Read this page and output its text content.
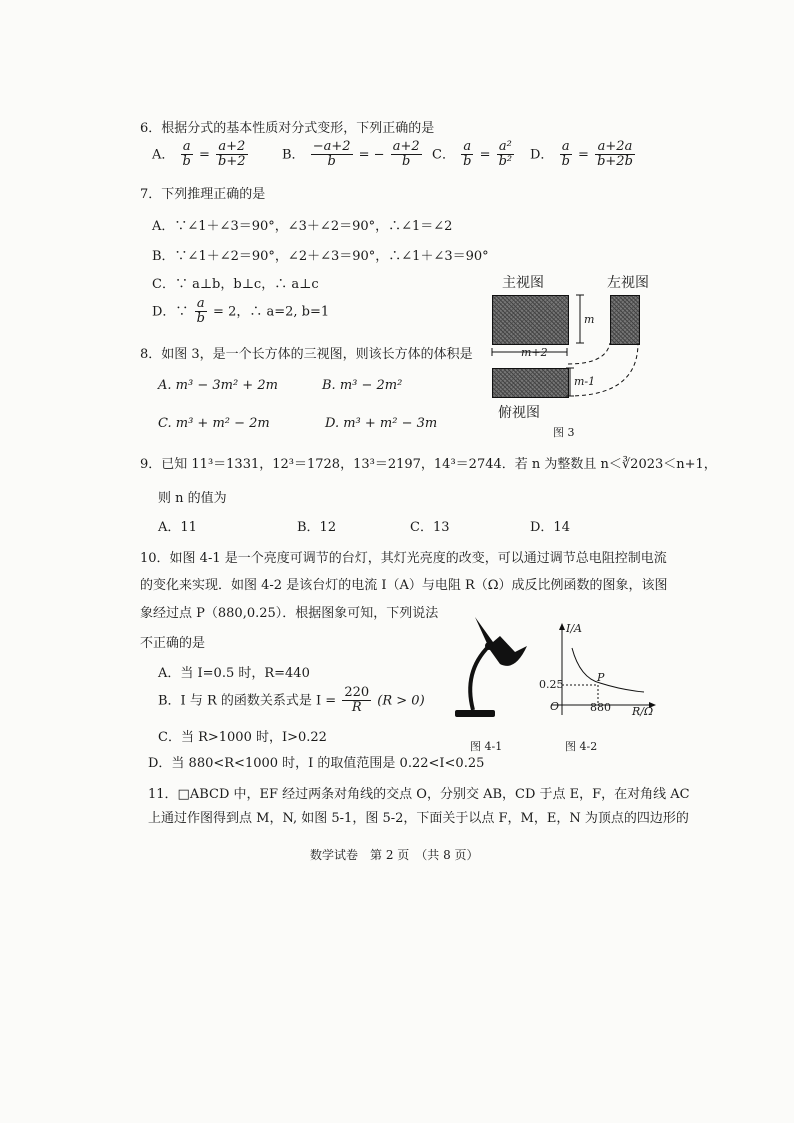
6．根据分式的基本性质对分式变形，下列正确的是
A． $\frac{a}{b} = \frac{a+2}{b+2}$	B． $\frac{-a+2}{b}$ = − $\frac{a+2}{b}$ C． $\frac{a}{b} = \frac{\text{a²}}{\text{b²}}$ D． $\frac{a}{b} = \frac{a+2a}{b+2b}$
7．下列推理正确的是
A．∵∠1＋∠3＝90°，∠3＋∠2＝90°，∴∠1＝∠2
B．∵∠1＋∠2＝90°，∠2＋∠3＝90°，∴∠1＋∠3＝90°
C．∵ a⊥b，b⊥c，∴ a⊥c
D．∵ $\frac{a}{b} = 2$，∴ a=2, b=1
主视图	左视图
m
m+2
m-1
俯视图
图 3
8．如图 3，是一个长方体的三视图，则该长方体的体积是
A. m³ − 3m² + 2m	B. m³ − 2m²
C. m³ + m² − 2m	D. m³ + m² − 3m
9．已知 11³＝1331，12³＝1728，13³＝2197，14³＝2744．若 n 为整数且 n＜∛2023＜n+1，
则 n 的值为
A．11	B．12	C．13	D．14
10．如图 4-1 是一个亮度可调节的台灯，其灯光亮度的改变，可以通过调节总电阻控制电流
的变化来实现．如图 4-2 是该台灯的电流 I（A）与电阻 R（Ω）成反比例函数的图象，该图
象经过点 P（880,0.25）．根据图象可知，下列说法
不正确的是
A．当 I=0.5 时，R=440
B．I 与 R 的函数关系式是 $I = \frac{220}{R} (R > 0)$
C．当 R>1000 时，I>0.22
D．当 880<R<1000 时，I 的取值范围是 0.22<I<0.25
图 4-1
I/A
R/Ω
O
0.25
880
P
图 4-2
11．□ABCD 中，EF 经过两条对角线的交点 O，分别交 AB，CD 于点 E，F，在对角线 AC
上通过作图得到点 M，N, 如图 5-1，图 5-2，下面关于以点 F，M，E，N 为顶点的四边形的
数学试卷　第 2 页　（共 8 页）
